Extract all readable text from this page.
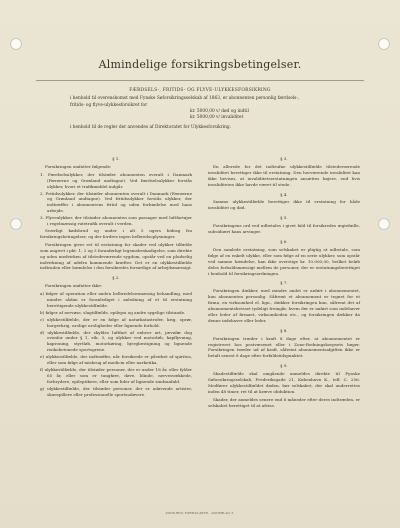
Almindelige forsikringsbetingelser.
FÆRDSELS-, FRITIDS- OG FLYVE-ULYKKESFORSIKRING
i henhold til overenskomst med Fynske Søforsikringsselskab af 1863, er abonnenten personlig færdsels-,
fritids- og flyve-ulykkesforsikret for
kr. 5000,00 v/ død og indtil
kr. 5000,00 v/ invaliditet
i henhold til de regler der anvendes af Direktoratet for Ulykkesforsikring.
§ 1.
Forsikringen omfatter følgende:
1. Færdselsulykker, der tilstøder abonnenten overalt i Danmark (Færøerne og Grønland undtagne). Ved færdselsulykker forstås ulykker, hvori et trafikmiddel indgår.
2. Fritidsulykker, der tilstøder abonnenten overalt i Danmark (Færøerne og Grønland undtagne). Ved fritidsulykker forstås ulykker, der indtræffer i abonnentens fritid og uden forbindelse med hans arbejde.
3. Flyveulykker, der tilstøder abonnenten som passager med luftfartøjer i regelmæssig rutetrafik overalt i verden.
Sværligt kødsbrud og under i alt 3 ugers bidrag fra forsikringsbetingelser, og der fordres ingen helbredsoplysninger.
Forsikringen giver ret til erstatning for skader ved ulykker tilfælde som angivet i pkt. 1, 2 og 3 foranførligt legemsbeskadigelse, som direkte og uden medvirken af tilstedeværende sygdom, opstår ved en pludselig indvirkning af udefra kommende kræfter. Det er en ulykkestilfælde indtraden eller hændelse i den forsikredes forsætlige af arbejdsmæssigt.
§ 2.
Forsikringen omfatter ikke:
a) følger af operation eller anden helbredelsesmæssig behandling, med mindre sådan er foranlediget i anledning af et til erstatning berettigende ulykkestilfælde.
b) følger af nervøse, slagtilfælde, epilepsi og andre sygelige tilstande.
c) ulykkestilfælde, der er en følge af naturkatastrofer, krig, oprør, borgerkrig, urolige uroligheder eller lignende forhold.
d) ulykkestilfælde, der skyldes luftfart af enhver art, jævnfør dog ovenfor under § 1, stk. 3, og ulykker ved motorløb, kapflyvning, kaproning, styrtløb, motorkøring, bjergbestigning og lignende risikobetonede sportsgrene.
e) ulykkestilfælde, der indtræffer, når forsikrede er påvirket af spiritus, eller som følge af misbrug af medicin eller narkotika.
f) ulykkestilfælde, der tilstøder personer, der er under 18 år, eller fylder 65 år, eller som er tungføre, døve, blinde, nervesvækkede, forbrydere, epileptikere, eller som lider af lignende sindsanfald.
g) ulykkestilfælde, der tilstøder personer, der er udøvende artister, skuespillere eller professionelle sportsudøvere.
§ 3.
En allerede for det indtrufne ulykkestilfælde tilstedeværende invaliditet berettiger ikke til erstatning. Den herværende invaliditet kan ikke bevises, at invaliditetserstatningen ansættes højere, end hvis invaliditeten ikke havde været til stede.
§ 4.
Samme ulykkestilfælde berettiger ikke til erstatning for både invaliditet og død.
§ 5.
Forsikringens ord ved udbetales i givet fald til forsikredes ægtefælle, subsidiært hans arvinger.
§ 6.
Den samlede erstatning, som selskabet er pligtig at udbetale, som følge af en enkelt ulykke, eller som følge af en serie ulykker, som opstår ved samme hændelse, kan ikke overstige kr. 10.000,00, hvilket beløb deles forholdsmæssigt mellem de personer, der er erstatningsberettiget i henhold til forsikringsordningen.
§ 7.
Forsikringen dækker, med mindre andet er anført i abonnementet, kun abonnenten personlig. Såfremt et abonnement er tegnet for et firma, en virksomhed el. lign., dækker forsikringen kun, såfremt det af abonnementsbeviset tydeligt fremgår, hvem der er anført som indehaver eller leder af firmaet, virksomheden etc., og forsikringen dækker da denne indehaver eller leder.
§ 8.
Forsikringen træder i kraft 8 dage efter, at abonnementet er registreret hos postvæsenet eller i Zone-Redningskorpsets bøger. Forsikringen træder ud af kraft, såfremt abonnementsafgiften ikke er betalt senest 8 dage efter forfaldstidspunktet.
§ 9.
Skadestilfælde skal omgående anmeldes direkte til Fynske Søforsikringsselskab, Frederiksgade 21, København K., telf. C. 256. Medfører ulykkestilfældet døden, bør selskabet, der skal underrettes inden 48 timer, ret til at kræve obduktion.
Skader, der anmeldes senere end 6 måneder efter deres indtræden, er selskabet berettiget til at afvise.
ZONE-RED. FORMULARTR. - ZONEBLAD. 5.
